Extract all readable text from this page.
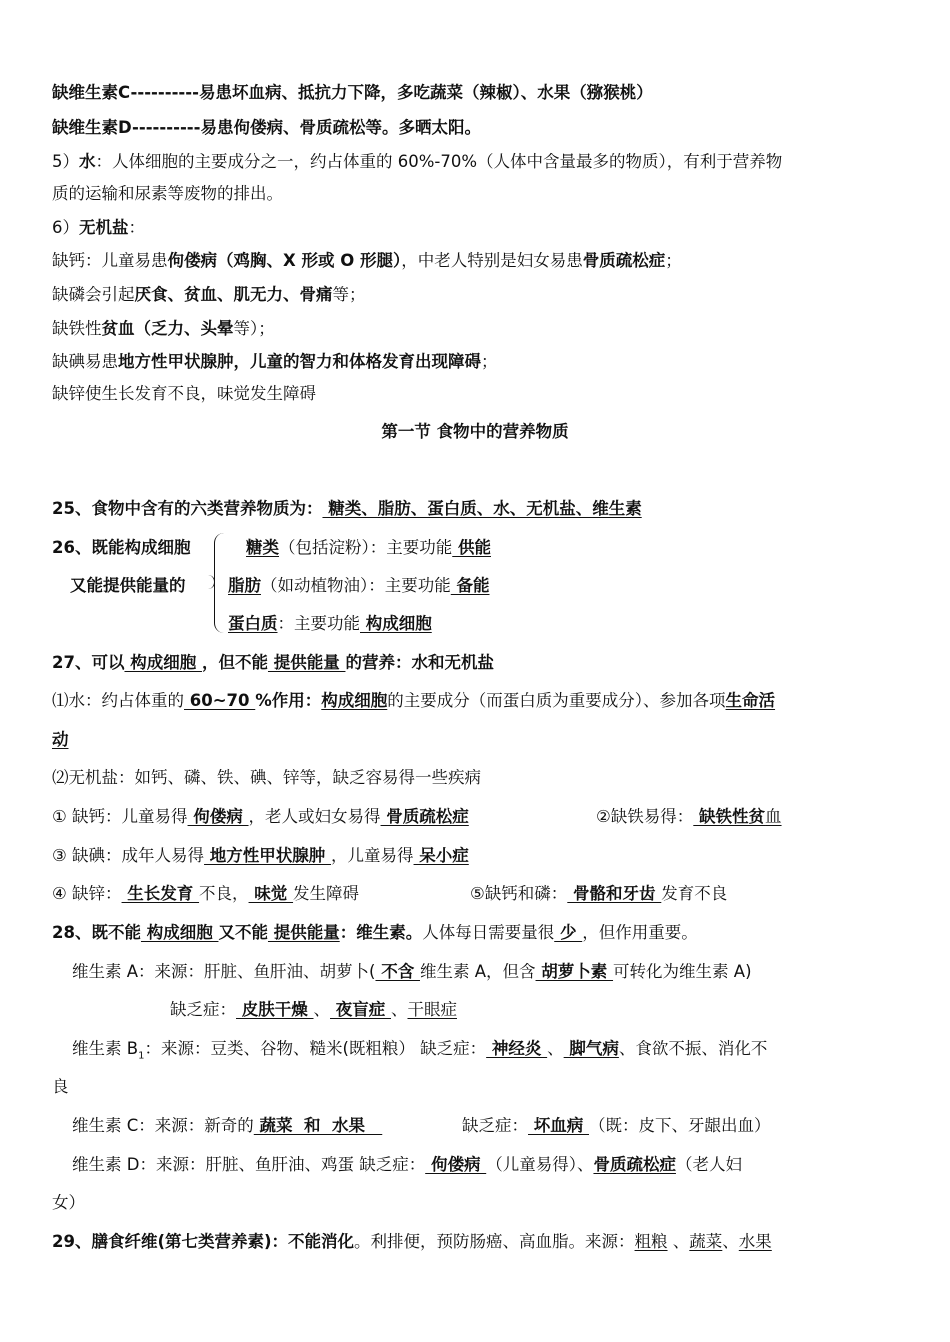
缺维生素C----------易患坏血病、抵抗力下降，多吃蔬菜（辣椒）、水果（猕猴桃）
缺维生素D----------易患佝偻病、骨质疏松等。多晒太阳。
5）水：人体细胞的主要成分之一，约占体重的 60%-70%（人体中含量最多的物质），有利于营养物
质的运输和尿素等废物的排出。
6）无机盐：
缺钙：儿童易患佝偻病（鸡胸、X 形或 O 形腿），中老人特别是妇女易患骨质疏松症；
缺磷会引起厌食、贫血、肌无力、骨痛等；
缺铁性贫血（乏力、头晕等）；
缺碘易患地方性甲状腺肿，儿童的智力和体格发育出现障碍；
缺锌使生长发育不良，味觉发生障碍
第一节 食物中的营养物质
25、食物中含有的六类营养物质为： 糖类、脂肪、蛋白质、水、无机盐、维生素
26、既能构成细胞
又能提供能量的
糖类（包括淀粉）：主要功能 供能
脂肪（如动植物油）：主要功能 备能
蛋白质：主要功能 构成细胞
27、可以 构成细胞 ，但不能 提供能量 的营养：水和无机盐
⑴水：约占体重的 60~70 %作用：构成细胞的主要成分（而蛋白质为重要成分）、参加各项生命活
动
⑵无机盐：如钙、磷、铁、碘、锌等，缺乏容易得一些疾病
① 缺钙：儿童易得 佝偻病 ，老人或妇女易得 骨质疏松症	②缺铁易得： 缺铁性贫血
③ 缺碘：成年人易得 地方性甲状腺肿 ，儿童易得 呆小症
④ 缺锌： 生长发育 不良， 味觉 发生障碍	⑤缺钙和磷： 骨骼和牙齿 发育不良
28、既不能 构成细胞 又不能 提供能量：维生素。人体每日需要量很 少 ，但作用重要。
维生素 A：来源：肝脏、鱼肝油、胡萝卜( 不含 维生素 A，但含 胡萝卜素 可转化为维生素 A)
缺乏症： 皮肤干燥 、 夜盲症 、干眼症
维生素 $B_1$：来源：豆类、谷物、糙米(既粗粮） 缺乏症： 神经炎 、 脚气病、食欲不振、消化不
良
维生素 C：来源：新奇的 蔬菜  和  水果	缺乏症： 坏血病 （既：皮下、牙龈出血）
维生素 D：来源：肝脏、鱼肝油、鸡蛋 缺乏症： 佝偻病 （儿童易得）、骨质疏松症（老人妇
女）
29、膳食纤维(第七类营养素)：不能消化。利排便，预防肠癌、高血脂。来源：粗粮 、蔬菜、水果
